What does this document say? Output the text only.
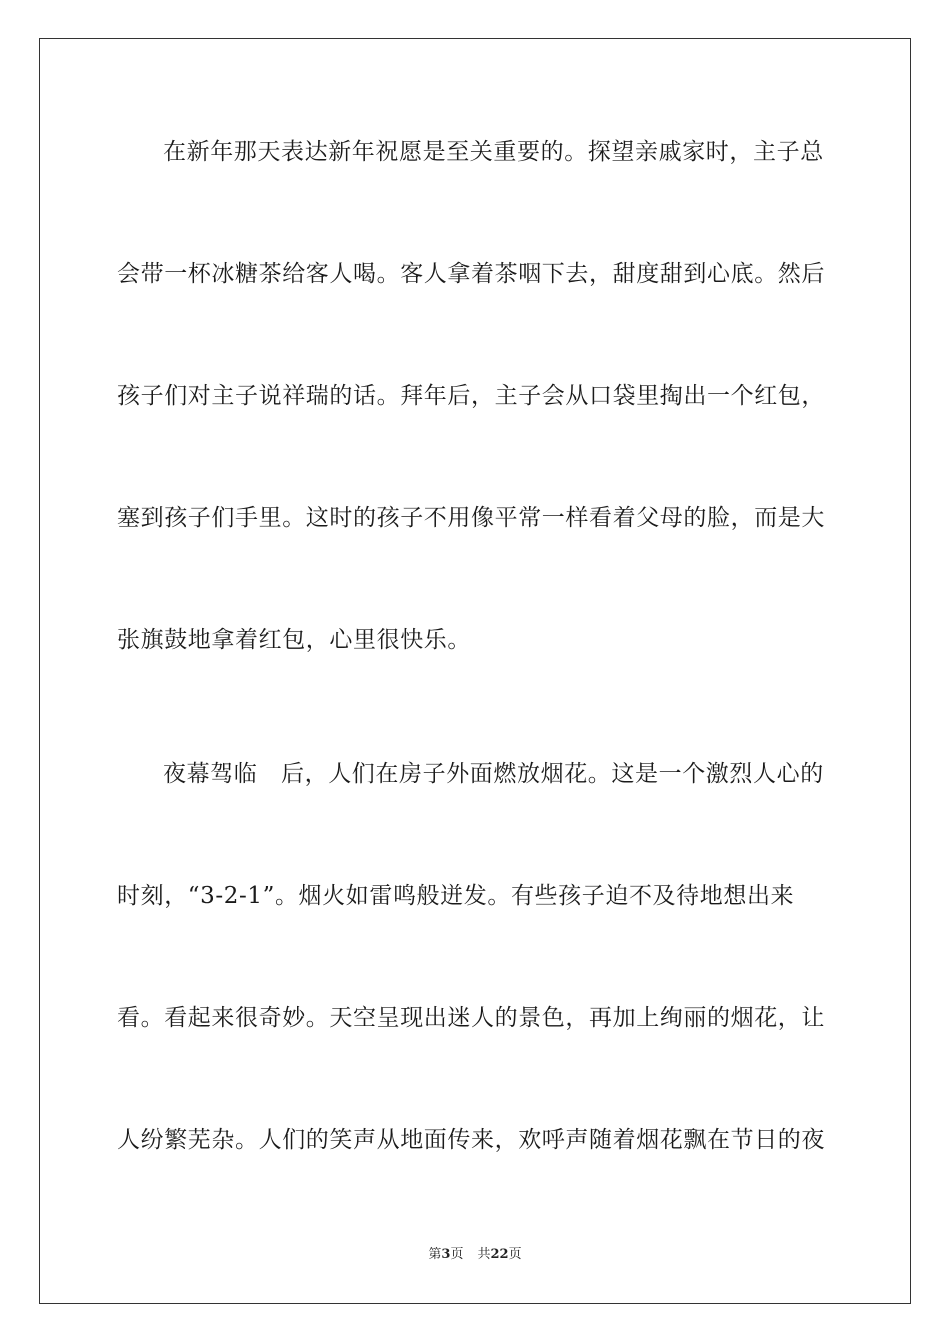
在新年那天表达新年祝愿是至关重要的。探望亲戚家时，主子总
会带一杯冰糖茶给客人喝。客人拿着茶咽下去，甜度甜到心底。然后
孩子们对主子说祥瑞的话。拜年后，主子会从口袋里掏出一个红包，
塞到孩子们手里。这时的孩子不用像平常一样看着父母的脸，而是大
张旗鼓地拿着红包，心里很快乐。
夜幕驾临　后，人们在房子外面燃放烟花。这是一个激烈人心的
时刻，“3-2-1”。烟火如雷鸣般迸发。有些孩子迫不及待地想出来
看。看起来很奇妙。天空呈现出迷人的景色，再加上绚丽的烟花，让
人纷繁芜杂。人们的笑声从地面传来，欢呼声随着烟花飘在节日的夜
第3页 共22页
